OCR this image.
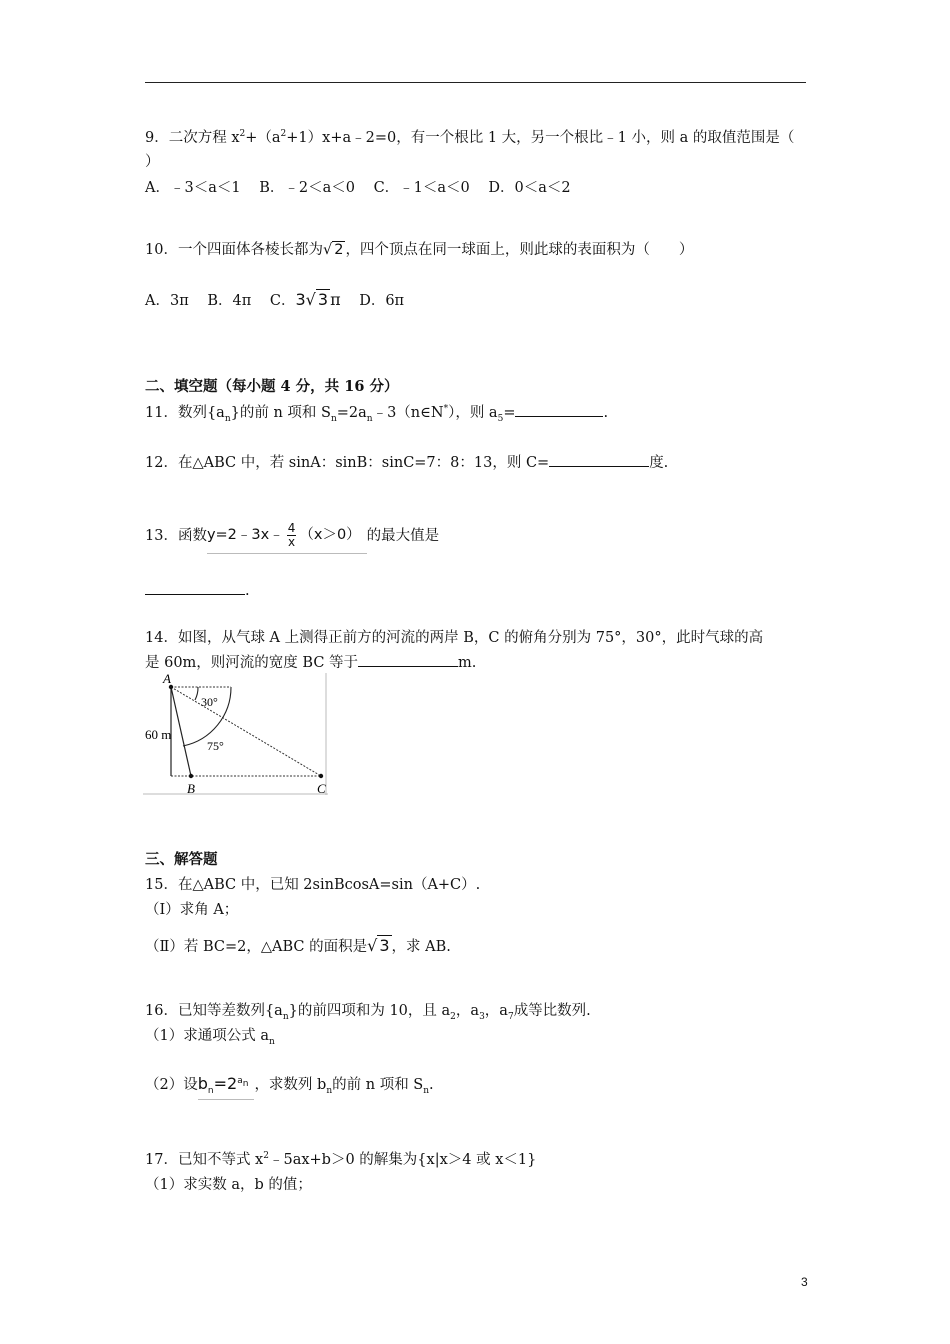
9．二次方程 $x^2+(a^2+1)x+a﹣2=0$，有一个根比 1 大，另一个根比﹣1 小，则 a 的取值范围是（
）
A．﹣3＜a＜1 B．﹣2＜a＜0 C．﹣1＜a＜0 D．0＜a＜2
10．一个四面体各棱长都为√ 2 ，四个顶点在同一球面上，则此球的表面积为（　　）
A．3π B．4π C．3√ 3 π D．6π
二、填空题（每小题 4 分，共 16 分）
11．数列$\{a_n\}$的前 n 项和 $S_n=2a_n﹣3(n\in N^*)$，则 $a_5=$	.
12．在△ABC 中，若 sinA：sinB：sinC=7：8：13，则 C=	度.
13．函数y=2﹣3x﹣ $\frac{4}{x} (x>0)$ 的最大值是
.
14．如图，从气球 A 上测得正前方的河流的两岸 B，C 的俯角分别为 75°，30°，此时气球的高
是 60m，则河流的宽度 BC 等于	m.
A
B	C
60 m
30°
75°
三、解答题
15．在△ABC 中，已知 2sinBcosA=sin（A+C）.
（Ⅰ）求角 A；
（Ⅱ）若 BC=2，△ABC 的面积是√ 3 ，求 AB.
16．已知等差数列$\{a_n\}$的前四项和为 10，且 $a_2$，$a_3$，$a_7$成等比数列.
（1）求通项公式 $a_n$
（2）设$b_n=2^{a_n}$ ，求数列 $b_n$的前 n 项和 $S_n$.
17．已知不等式 $x^2﹣5ax+b>0$ 的解集为{x|x＞4 或 x＜1}
（1）求实数 a，b 的值；
3
